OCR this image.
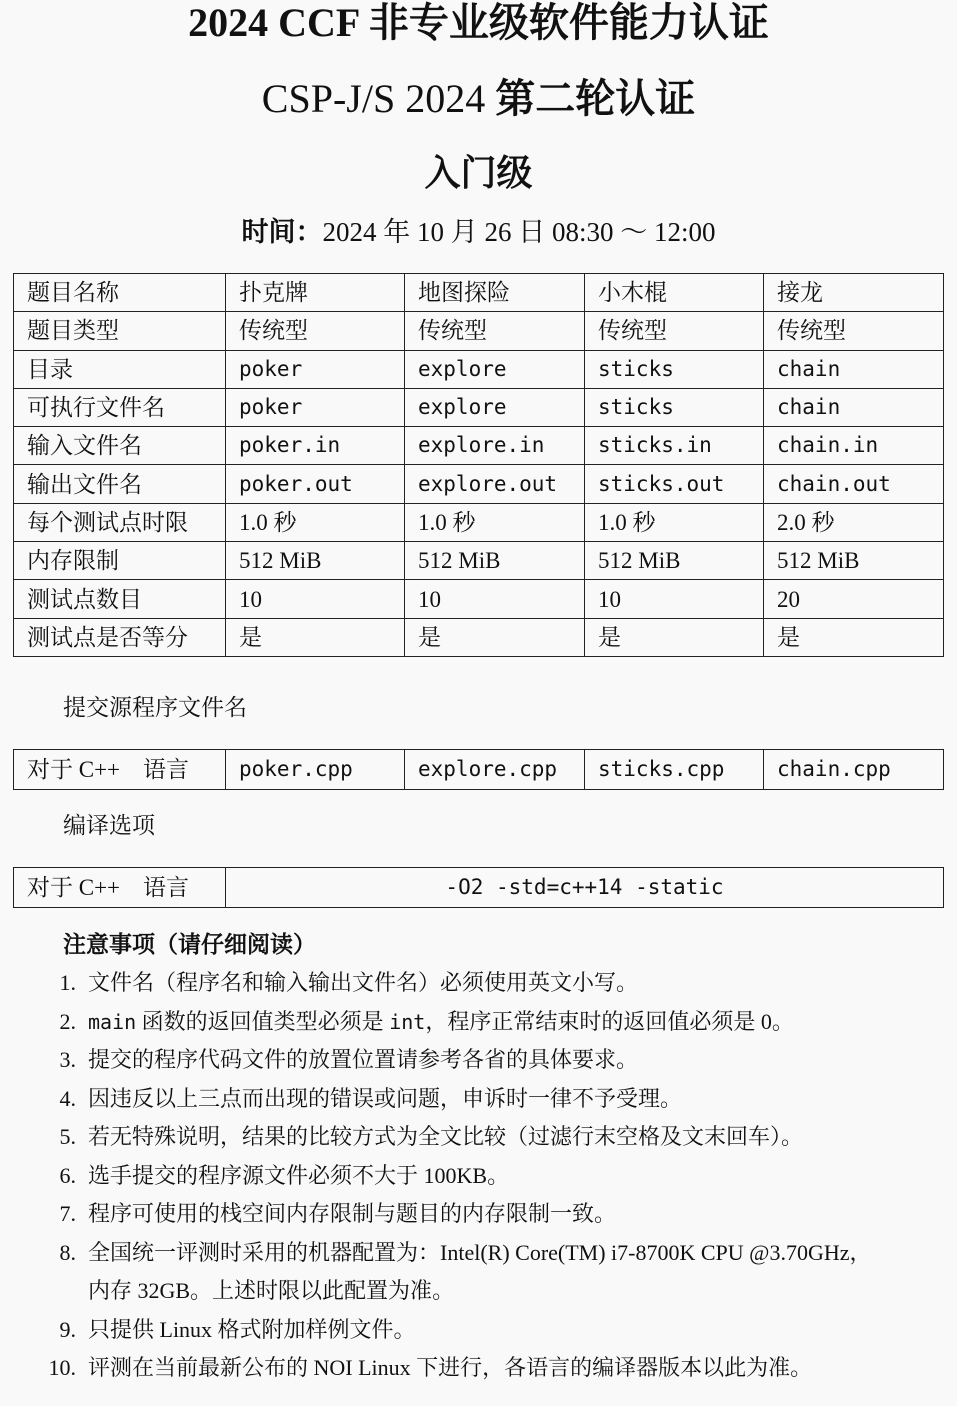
2024 CCF 非专业级软件能力认证
CSP-J/S 2024 第二轮认证
入门级
时间：2024 年 10 月 26 日 08:30 ～ 12:00
题目名称	扑克牌	地图探险	小木棍	接龙
题目类型	传统型	传统型	传统型	传统型
目录	poker	explore	sticks	chain
可执行文件名	poker	explore	sticks	chain
输入文件名	poker.in	explore.in	sticks.in	chain.in
输出文件名	poker.out	explore.out	sticks.out	chain.out
每个测试点时限	1.0 秒	1.0 秒	1.0 秒	2.0 秒
内存限制	512 MiB	512 MiB	512 MiB	512 MiB
测试点数目	10	10	10	20
测试点是否等分	是	是	是	是
提交源程序文件名
对于 C++　语言	poker.cpp	explore.cpp	sticks.cpp	chain.cpp
编译选项
对于 C++　语言	-O2 -std=c++14 -static
注意事项（请仔细阅读）
1. 文件名（程序名和输入输出文件名）必须使用英文小写。
2. main 函数的返回值类型必须是 int，程序正常结束时的返回值必须是 0。
3. 提交的程序代码文件的放置位置请参考各省的具体要求。
4. 因违反以上三点而出现的错误或问题，申诉时一律不予受理。
5. 若无特殊说明，结果的比较方式为全文比较（过滤行末空格及文末回车）。
6. 选手提交的程序源文件必须不大于 100KB。
7. 程序可使用的栈空间内存限制与题目的内存限制一致。
8. 全国统一评测时采用的机器配置为：Intel(R) Core(TM) i7-8700K CPU @3.70GHz，
内存 32GB。上述时限以此配置为准。
9. 只提供 Linux 格式附加样例文件。
10. 评测在当前最新公布的 NOI Linux 下进行，各语言的编译器版本以此为准。
